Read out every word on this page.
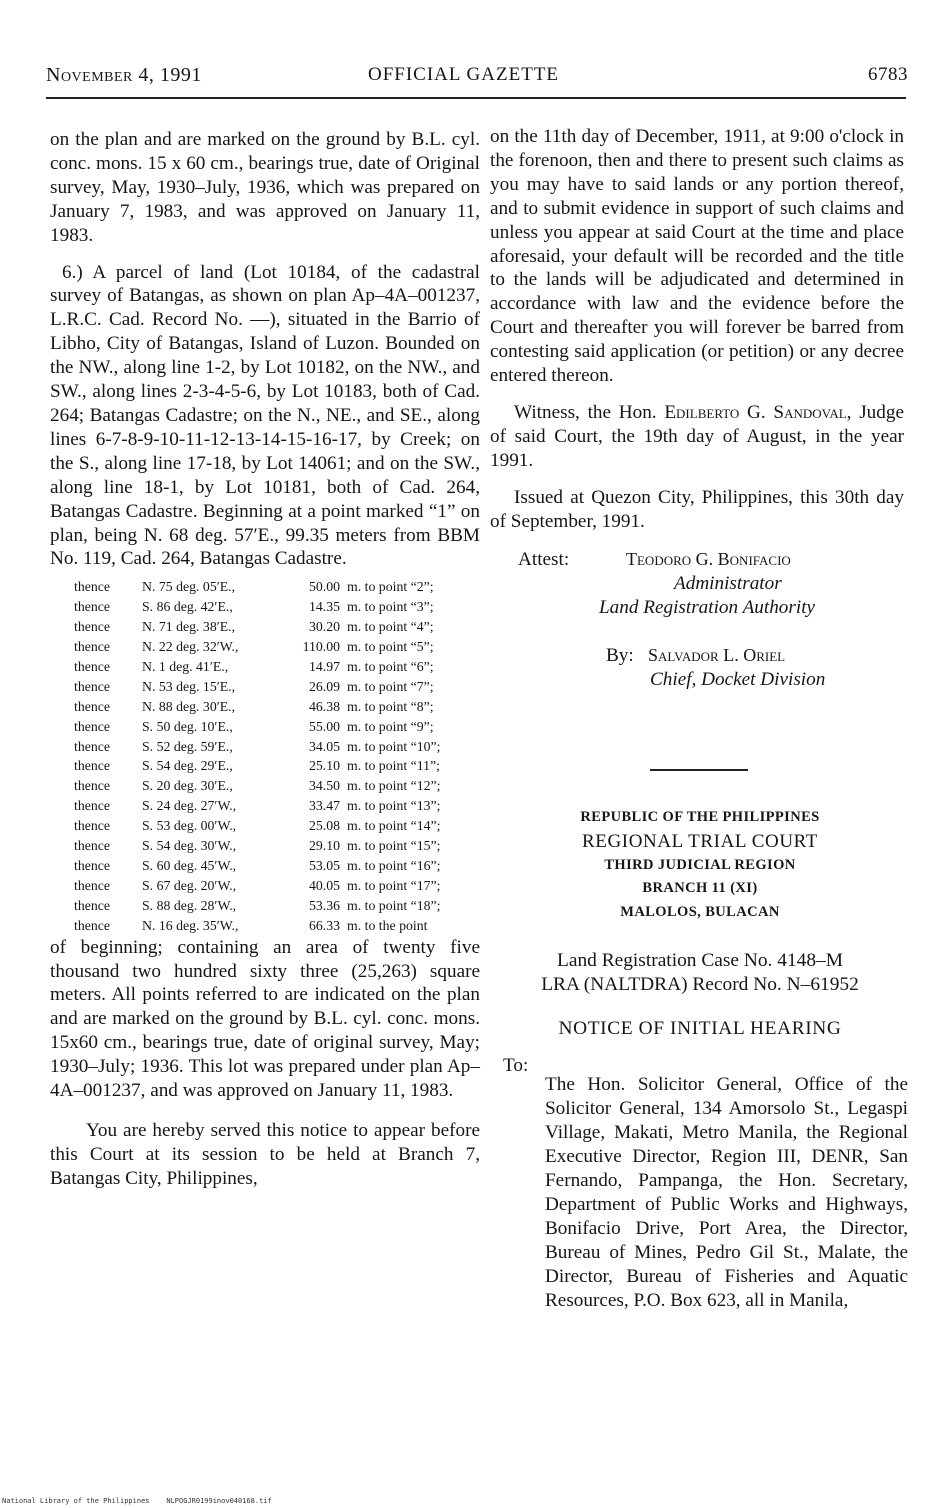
November 4, 1991	OFFICIAL GAZETTE	6783

on the plan and are marked on the ground by B.L. cyl. conc. mons. 15 x 60 cm., bearings true, date of Original survey, May, 1930–July, 1936, which was prepared on January 7, 1983, and was approved on January 11, 1983.

6.) A parcel of land (Lot 10184, of the cadastral survey of Batangas, as shown on plan Ap–4A–001237, L.R.C. Cad. Record No. —), situated in the Barrio of Libho, City of Batangas, Island of Luzon. Bounded on the NW., along line 1-2, by Lot 10182, on the NW., and SW., along lines 2-3-4-5-6, by Lot 10183, both of Cad. 264; Batangas Cadastre; on the N., NE., and SE., along lines 6-7-8-9-10-11-12-13-14-15-16-17, by Creek; on the S., along line 17-18, by Lot 14061; and on the SW., along line 18-1, by Lot 10181, both of Cad. 264, Batangas Cadastre. Beginning at a point marked “1” on plan, being N. 68 deg. 57′E., 99.35 meters from BBM No. 119, Cad. 264, Batangas Cadastre.

thence	N. 75 deg. 05′E.,	50.00 m. to point “2”;
thence	S. 86 deg. 42′E.,	14.35 m. to point “3”;
thence	N. 71 deg. 38′E.,	30.20 m. to point “4”;
thence	N. 22 deg. 32′W.,	110.00 m. to point “5”;
thence	N. 1 deg. 41′E.,	14.97 m. to point “6”;
thence	N. 53 deg. 15′E.,	26.09 m. to point “7”;
thence	N. 88 deg. 30′E.,	46.38 m. to point “8”;
thence	S. 50 deg. 10′E.,	55.00 m. to point “9”;
thence	S. 52 deg. 59′E.,	34.05 m. to point “10”;
thence	S. 54 deg. 29′E.,	25.10 m. to point “11”;
thence	S. 20 deg. 30′E.,	34.50 m. to point “12”;
thence	S. 24 deg. 27′W.,	33.47 m. to point “13”;
thence	S. 53 deg. 00′W.,	25.08 m. to point “14”;
thence	S. 54 deg. 30′W.,	29.10 m. to point “15”;
thence	S. 60 deg. 45′W.,	53.05 m. to point “16”;
thence	S. 67 deg. 20′W.,	40.05 m. to point “17”;
thence	S. 88 deg. 28′W.,	53.36 m. to point “18”;
thence	N. 16 deg. 35′W.,	66.33 m. to the point

of beginning; containing an area of twenty five thousand two hundred sixty three (25,263) square meters. All points referred to are indicated on the plan and are marked on the ground by B.L. cyl. conc. mons. 15x60 cm., bearings true, date of original survey, May; 1930–July; 1936. This lot was prepared under plan Ap–4A–001237, and was approved on January 11, 1983.

You are hereby served this notice to appear before this Court at its session to be held at Branch 7, Batangas City, Philippines,

on the 11th day of December, 1911, at 9:00 o'clock in the forenoon, then and there to present such claims as you may have to said lands or any portion thereof, and to submit evidence in support of such claims and unless you appear at said Court at the time and place aforesaid, your default will be recorded and the title to the lands will be adjudicated and determined in accordance with law and the evidence before the Court and thereafter you will forever be barred from contesting said application (or petition) or any decree entered thereon.

Witness, the Hon. Edilberto G. Sandoval, Judge of said Court, the 19th day of August, in the year 1991.

Issued at Quezon City, Philippines, this 30th day of September, 1991.

Attest:	Teodoro G. Bonifacio
Administrator
Land Registration Authority
By: Salvador L. Oriel
Chief, Docket Division
REPUBLIC OF THE PHILIPPINES
REGIONAL TRIAL COURT
THIRD JUDICIAL REGION
BRANCH 11 (XI)
MALOLOS, BULACAN
Land Registration Case No. 4148–M
LRA (NALTDRA) Record No. N–61952
NOTICE OF INITIAL HEARING
To:

The Hon. Solicitor General, Office of the Solicitor General, 134 Amorsolo St., Legaspi Village, Makati, Metro Manila, the Regional Executive Director, Region III, DENR, San Fernando, Pampanga, the Hon. Secretary, Department of Public Works and Highways, Bonifacio Drive, Port Area, the Director, Bureau of Mines, Pedro Gil St., Malate, the Director, Bureau of Fisheries and Aquatic Resources, P.O. Box 623, all in Manila,

National Library of the Philippines    NLPOGJR0199inov040168.tif
